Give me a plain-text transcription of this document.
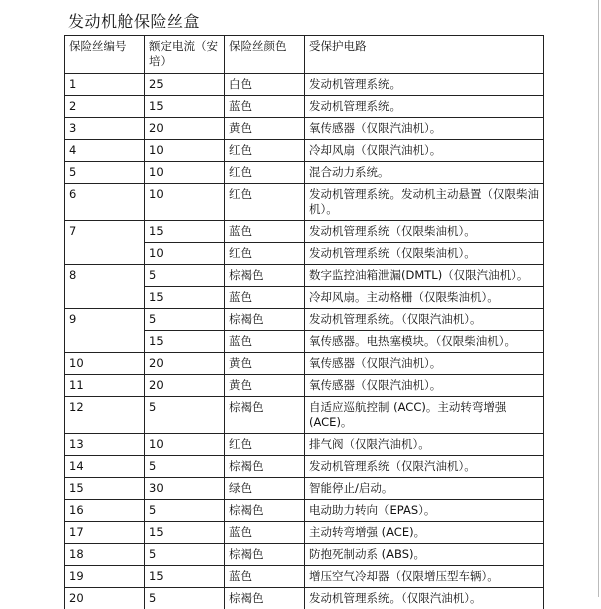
发动机舱保险丝盒
保险丝编号	额定电流（安培）	保险丝颜色	受保护电路
1	25	白色	发动机管理系统。
2	15	蓝色	发动机管理系统。
3	20	黄色	氧传感器（仅限汽油机）。
4	10	红色	冷却风扇（仅限汽油机）。
5	10	红色	混合动力系统。
6	10	红色	发动机管理系统。发动机主动悬置（仅限柴油机）。
7	15	蓝色	发动机管理系统（仅限柴油机）。
	10	红色	发动机管理系统（仅限柴油机）。
8	5	棕褐色	数字监控油箱泄漏(DMTL)（仅限汽油机）。
	15	蓝色	冷却风扇。主动格栅（仅限柴油机）。
9	5	棕褐色	发动机管理系统。（仅限汽油机）。
	15	蓝色	氧传感器。电热塞模块。（仅限柴油机）。
10	20	黄色	氧传感器（仅限汽油机）。
11	20	黄色	氧传感器（仅限汽油机）。
12	5	棕褐色	自适应巡航控制 (ACC)。主动转弯增强 (ACE)。
13	10	红色	排气阀（仅限汽油机）。
14	5	棕褐色	发动机管理系统（仅限汽油机）。
15	30	绿色	智能停止/启动。
16	5	棕褐色	电动助力转向（EPAS）。
17	15	蓝色	主动转弯增强 (ACE)。
18	5	棕褐色	防抱死制动系 (ABS)。
19	15	蓝色	增压空气冷却器（仅限增压型车辆）。
20	5	棕褐色	发动机管理系统。（仅限汽油机）。
